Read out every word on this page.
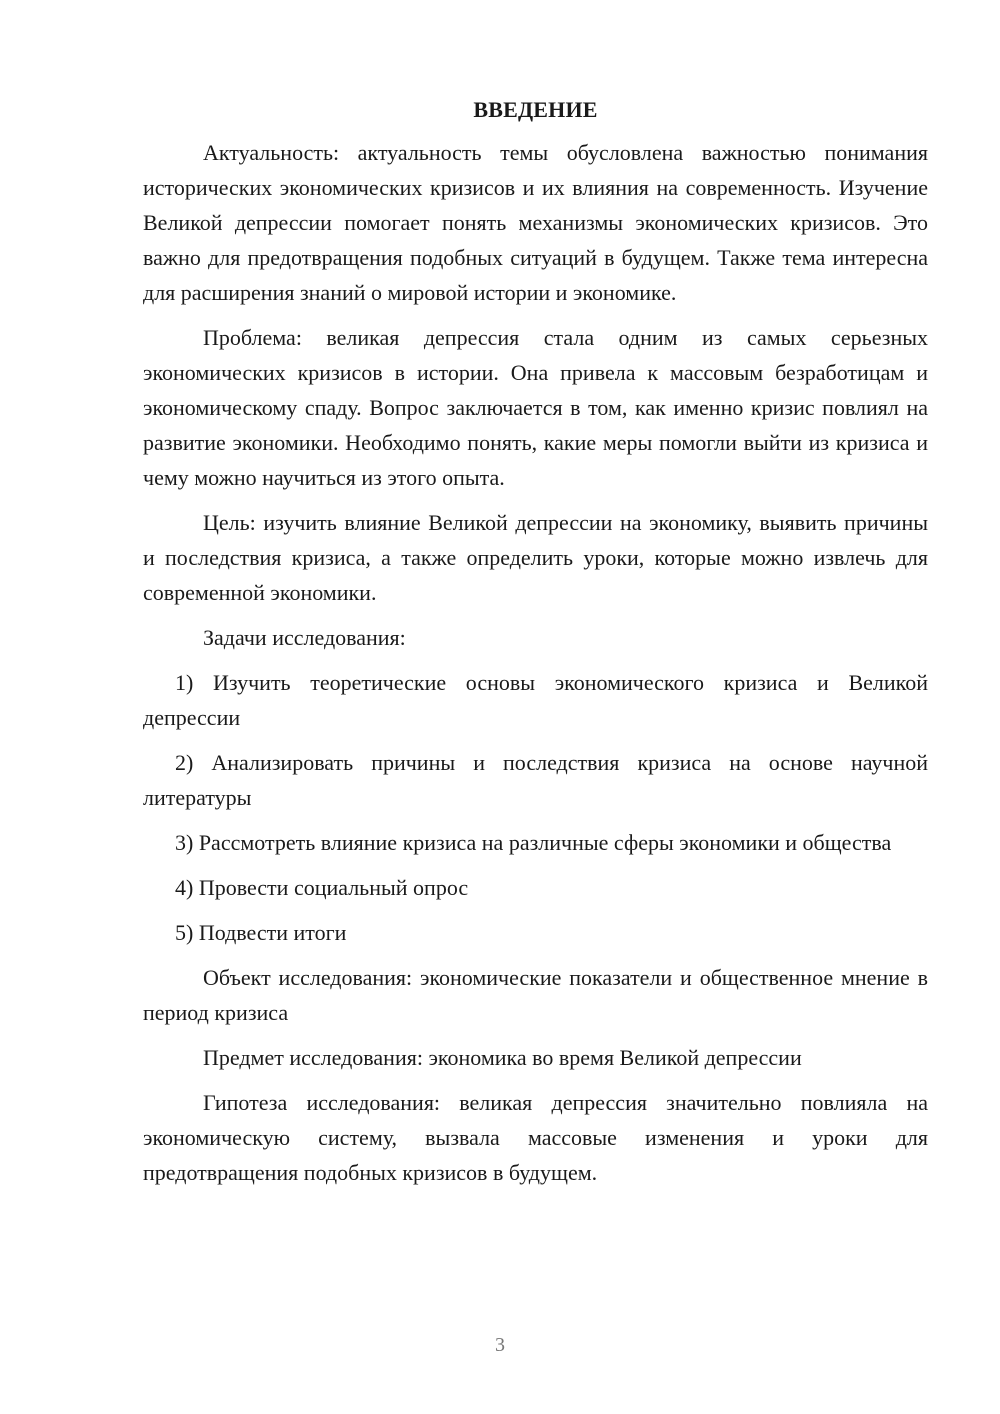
ВВЕДЕНИЕ

Актуальность: актуальность темы обусловлена важностью понимания исторических экономических кризисов и их влияния на современность. Изучение Великой депрессии помогает понять механизмы экономических кризисов. Это важно для предотвращения подобных ситуаций в будущем. Также тема интересна для расширения знаний о мировой истории и экономике.

Проблема: великая депрессия стала одним из самых серьезных экономических кризисов в истории. Она привела к массовым безработицам и экономическому спаду. Вопрос заключается в том, как именно кризис повлиял на развитие экономики. Необходимо понять, какие меры помогли выйти из кризиса и чему можно научиться из этого опыта.

Цель: изучить влияние Великой депрессии на экономику, выявить причины и последствия кризиса, а также определить уроки, которые можно извлечь для современной экономики.

Задачи исследования:

1) Изучить теоретические основы экономического кризиса и Великой депрессии

2) Анализировать причины и последствия кризиса на основе научной литературы

3) Рассмотреть влияние кризиса на различные сферы экономики и общества

4) Провести социальный опрос

5) Подвести итоги

Объект исследования: экономические показатели и общественное мнение в период кризиса

Предмет исследования: экономика во время Великой депрессии

Гипотеза исследования: великая депрессия значительно повлияла на экономическую систему, вызвала массовые изменения и уроки для предотвращения подобных кризисов в будущем.

3
